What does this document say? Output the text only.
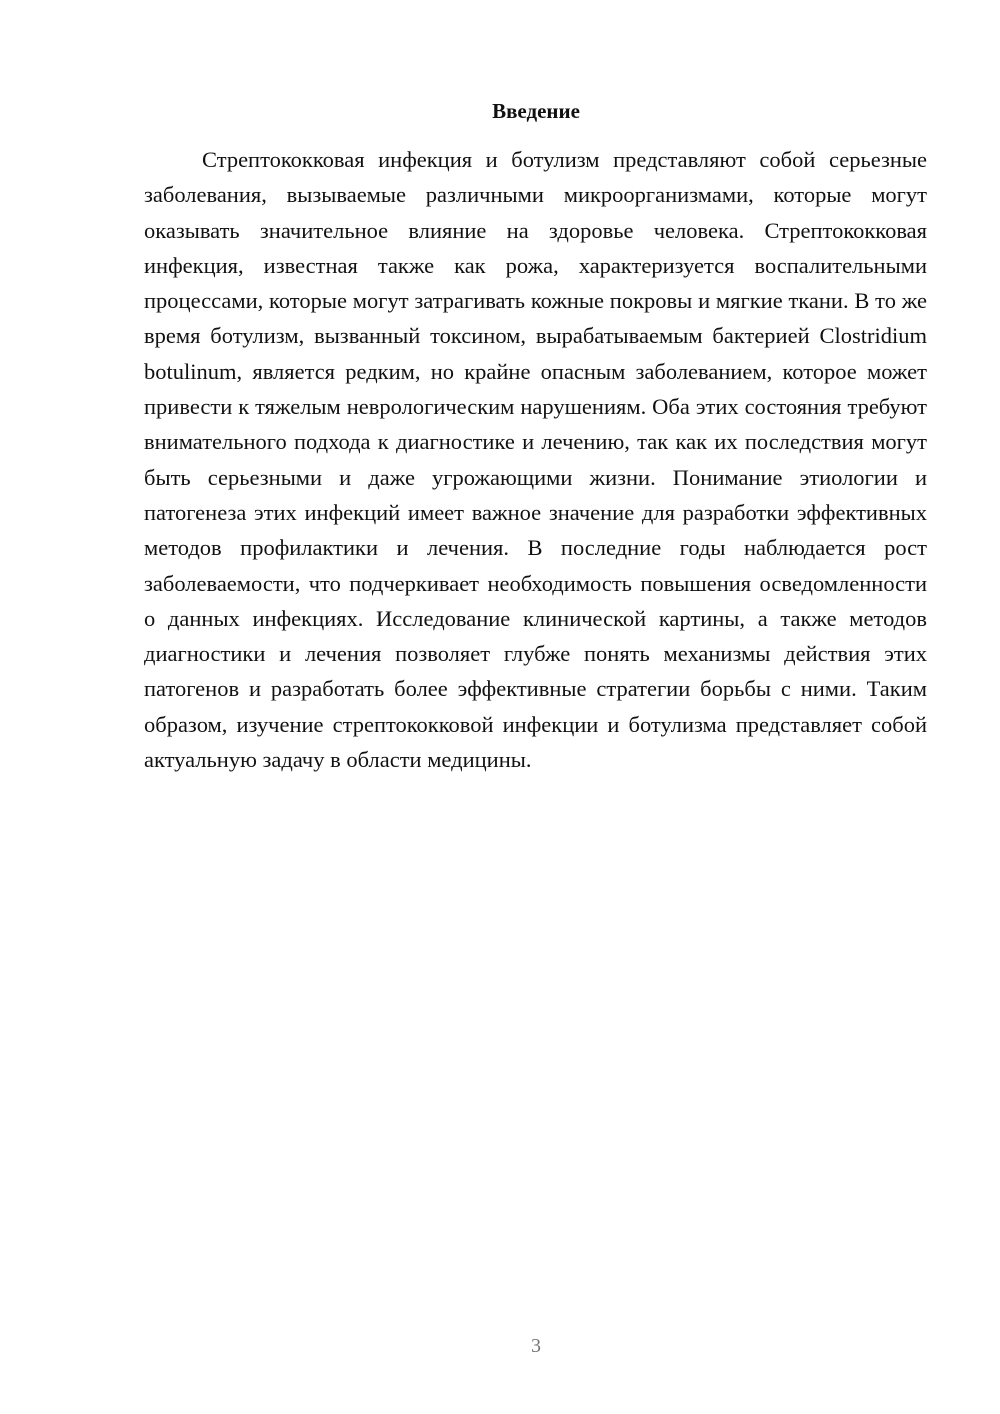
Введение

Стрептококковая инфекция и ботулизм представляют собой серьезные заболевания, вызываемые различными микроорганизмами, которые могут оказывать значительное влияние на здоровье человека. Стрептококковая инфекция, известная также как рожа, характеризуется воспалительными процессами, которые могут затрагивать кожные покровы и мягкие ткани. В то же время ботулизм, вызванный токсином, вырабатываемым бактерией Clostridium botulinum, является редким, но крайне опасным заболеванием, которое может привести к тяжелым неврологическим нарушениям. Оба этих состояния требуют внимательного подхода к диагностике и лечению, так как их последствия могут быть серьезными и даже угрожающими жизни. Понимание этиологии и патогенеза этих инфекций имеет важное значение для разработки эффективных методов профилактики и лечения. В последние годы наблюдается рост заболеваемости, что подчеркивает необходимость повышения осведомленности о данных инфекциях. Исследование клинической картины, а также методов диагностики и лечения позволяет глубже понять механизмы действия этих патогенов и разработать более эффективные стратегии борьбы с ними. Таким образом, изучение стрептококковой инфекции и ботулизма представляет собой актуальную задачу в области медицины.

3
